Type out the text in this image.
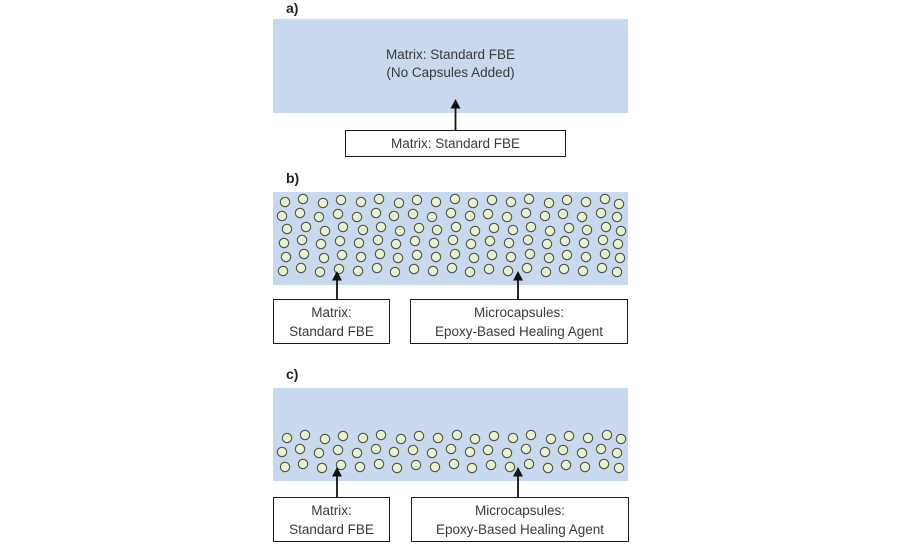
a)
Matrix: Standard FBE
(No Capsules Added)
Matrix: Standard FBE
b)
Matrix:
Standard FBE
Microcapsules:
Epoxy-Based Healing Agent
c)
Matrix:
Standard FBE
Microcapsules:
Epoxy-Based Healing Agent
